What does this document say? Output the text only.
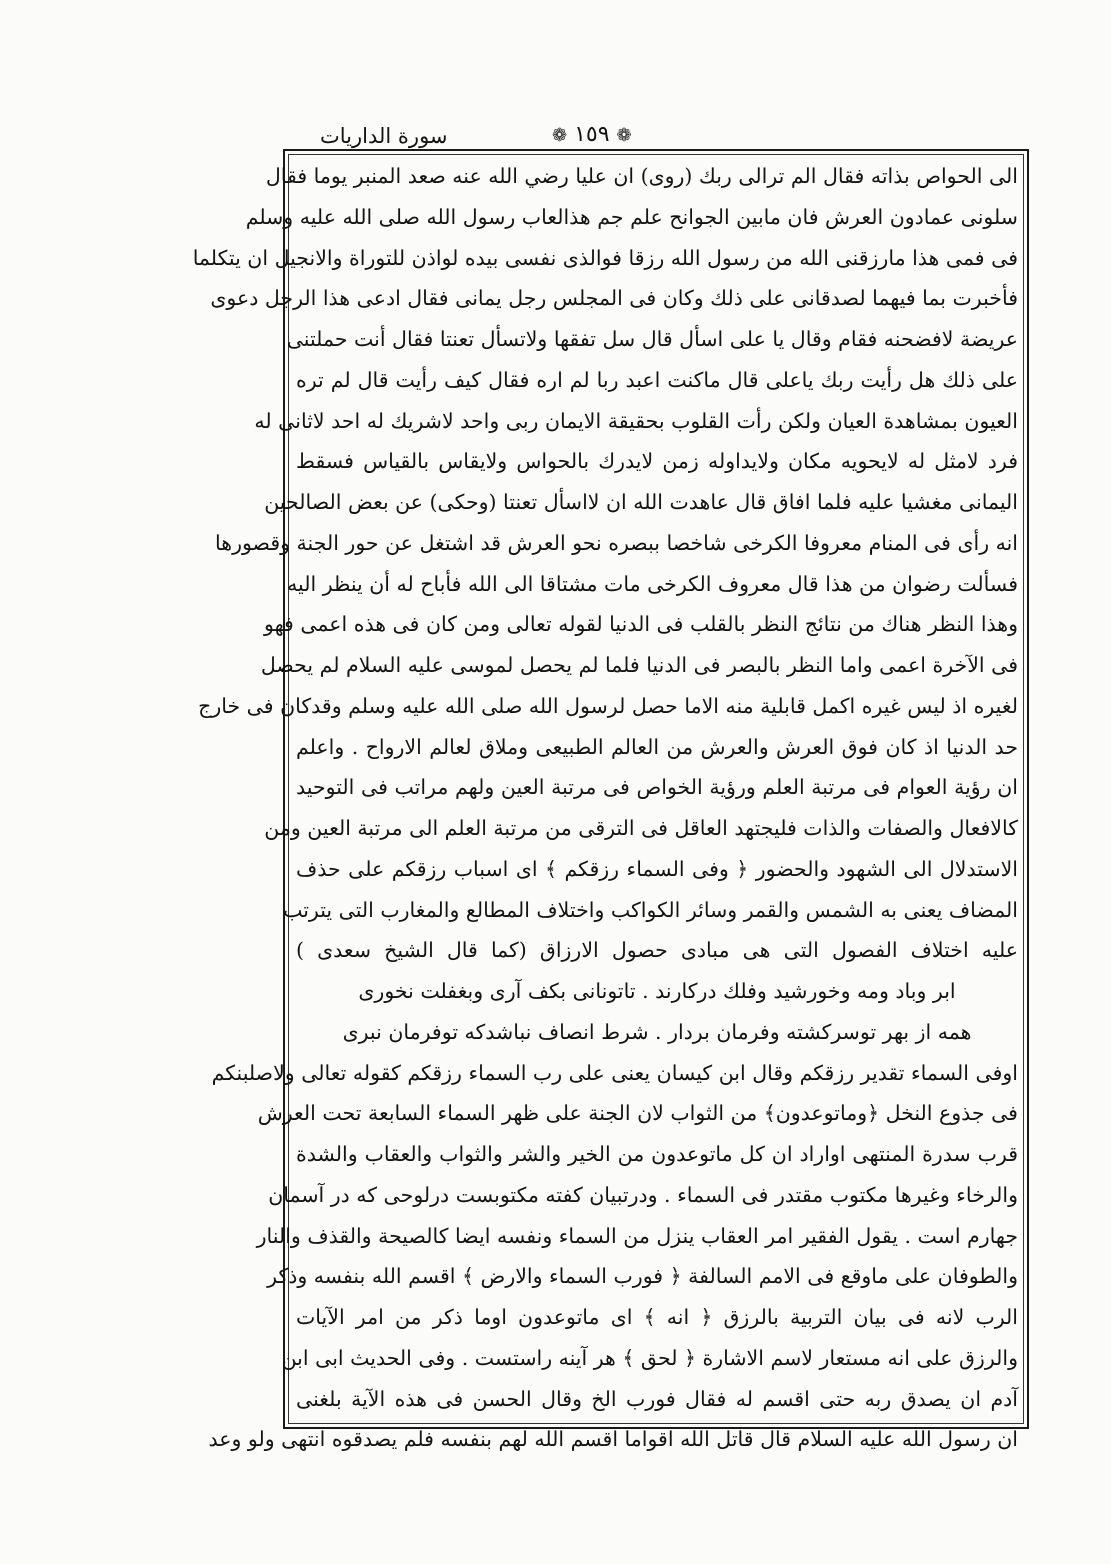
سورة الداريات	❁ ١٥٩ ❁
الى الحواص بذاته فقال الم ترالى ربك (روى) ان عليا رضي الله عنه صعد المنبر يوما فقال
سلونى عمادون العرش فان مابين الجوانح علم جم هذالعاب رسول الله صلى الله عليه وسلم
فى فمى هذا مارزقنى الله من رسول الله رزقا فوالذى نفسى بيده لواذن للتوراة والانجيل ان يتكلما
فأخبرت بما فيهما لصدقانى على ذلك وكان فى المجلس رجل يمانى فقال ادعى هذا الرجل دعوى
عريضة لافضحنه فقام وقال يا على اسأل قال سل تفقها ولاتسأل تعنتا فقال أنت حملتنى
على ذلك هل رأيت ربك ياعلى قال ماكنت اعبد ربا لم اره فقال كيف رأيت قال لم تره
العيون بمشاهدة العيان ولكن رأت القلوب بحقيقة الايمان ربى واحد لاشريك له احد لاثانى له
فرد لامثل له لايحويه مكان ولايداوله زمن لايدرك بالحواس ولايقاس بالقياس فسقط
اليمانى مغشيا عليه فلما افاق قال عاهدت الله ان لااسأل تعنتا (وحكى) عن بعض الصالحين
انه رأى فى المنام معروفا الكرخى شاخصا ببصره نحو العرش قد اشتغل عن حور الجنة وقصورها
فسألت رضوان من هذا قال معروف الكرخى مات مشتاقا الى الله فأباح له أن ينظر اليه
وهذا النظر هناك من نتائج النظر بالقلب فى الدنيا لقوله تعالى ومن كان فى هذه اعمى فهو
فى الآخرة اعمى واما النظر بالبصر فى الدنيا فلما لم يحصل لموسى عليه السلام لم يحصل
لغيره اذ ليس غيره اكمل قابلية منه الاما حصل لرسول الله صلى الله عليه وسلم وقدكان فى خارج
حد الدنيا اذ كان فوق العرش والعرش من العالم الطبيعى وملاق لعالم الارواح . واعلم
ان رؤية العوام فى مرتبة العلم ورؤية الخواص فى مرتبة العين ولهم مراتب فى التوحيد
كالافعال والصفات والذات فليجتهد العاقل فى الترقى من مرتبة العلم الى مرتبة العين ومن
الاستدلال الى الشهود والحضور ﴿ وفى السماء رزقكم ﴾ اى اسباب رزقكم على حذف
المضاف يعنى به الشمس والقمر وسائر الكواكب واختلاف المطالع والمغارب التى يترتب
عليه اختلاف الفصول التى هى مبادى حصول الارزاق (كما قال الشيخ سعدى )
ابر وباد ومه وخورشيد وفلك دركارند . تاتونانى بكف آرى وبغفلت نخورى
همه از بهر توسركشته وفرمان بردار . شرط انصاف نباشدكه توفرمان نبرى
اوفى السماء تقدير رزقكم وقال ابن كيسان يعنى على رب السماء رزقكم كقوله تعالى ولاصلبنكم
فى جذوع النخل ﴿وماتوعدون﴾ من الثواب لان الجنة على ظهر السماء السابعة تحت العرش
قرب سدرة المنتهى اواراد ان كل ماتوعدون من الخير والشر والثواب والعقاب والشدة
والرخاء وغيرها مكتوب مقتدر فى السماء . ودرتبيان كفته مكتوبست درلوحى كه در آسمان
جهارم است . يقول الفقير امر العقاب ينزل من السماء ونفسه ايضا كالصيحة والقذف والنار
والطوفان على ماوقع فى الامم السالفة ﴿ فورب السماء والارض ﴾ اقسم الله بنفسه وذكر
الرب لانه فى بيان التربية بالرزق ﴿ انه ﴾ اى ماتوعدون اوما ذكر من امر الآيات
والرزق على انه مستعار لاسم الاشارة ﴿ لحق ﴾ هر آينه راستست . وفى الحديث ابى ابن
آدم ان يصدق ربه حتى اقسم له فقال فورب الخ وقال الحسن فى هذه الآية بلغنى
ان رسول الله عليه السلام قال قاتل الله اقواما اقسم الله لهم بنفسه فلم يصدقوه انتهى ولو وعد
